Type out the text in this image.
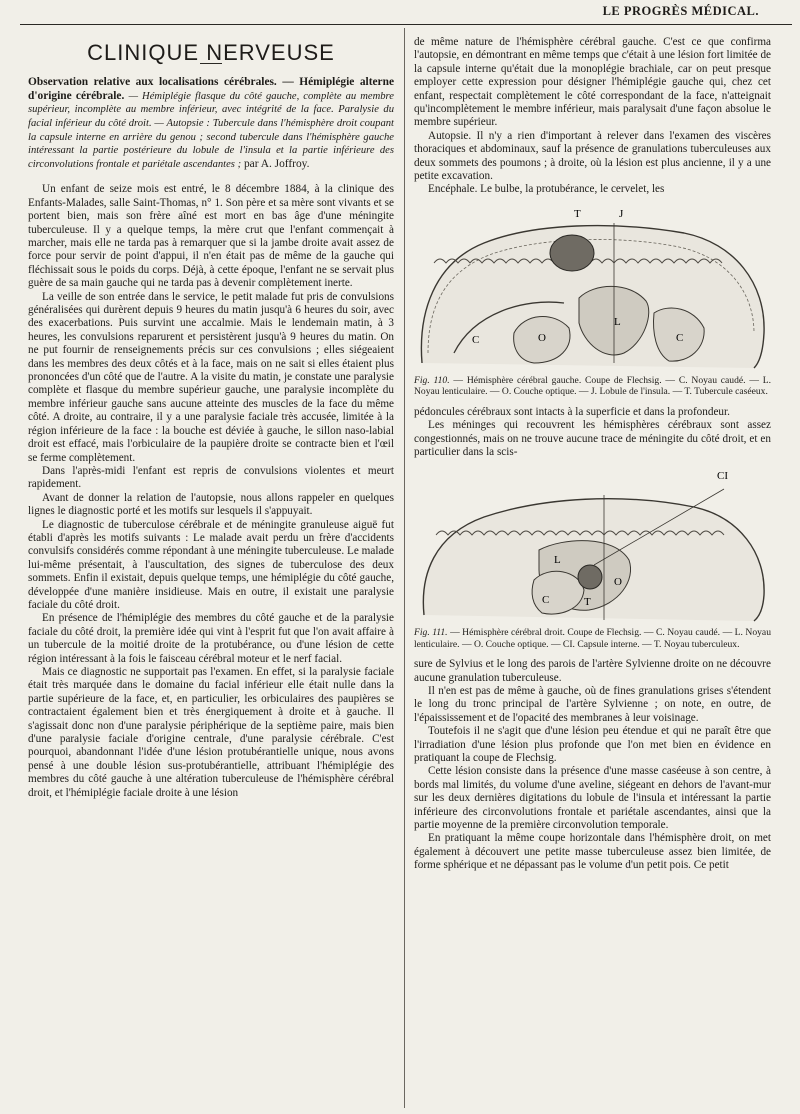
LE PROGRÈS MÉDICAL.
CLINIQUE NERVEUSE

Observation relative aux localisations cérébrales. — Hémiplégie alterne d'origine cérébrale. — Hémiplégie flasque du côté gauche, complète au membre supérieur, incomplète au membre inférieur, avec intégrité de la face. Paralysie du facial inférieur du côté droit. — Autopsie : Tubercule dans l'hémisphère droit coupant la capsule interne en arrière du genou ; second tubercule dans l'hémisphère gauche intéressant la partie postérieure du lobule de l'insula et la partie inférieure des circonvolutions frontale et pariétale ascendantes ; par A. Joffroy.

Un enfant de seize mois est entré, le 8 décembre 1884, à la clinique des Enfants-Malades, salle Saint-Thomas, n° 1. Son père et sa mère sont vivants et se portent bien, mais son frère aîné est mort en bas âge d'une méningite tuberculeuse. Il y a quelque temps, la mère crut que l'enfant commençait à marcher, mais elle ne tarda pas à remarquer que si la jambe droite avait assez de force pour servir de point d'appui, il n'en était pas de même de la gauche qui fléchissait sous le poids du corps. Déjà, à cette époque, l'enfant ne se servait plus guère de sa main gauche qui ne tarda pas à devenir complètement inerte.

La veille de son entrée dans le service, le petit malade fut pris de convulsions généralisées qui durèrent depuis 9 heures du matin jusqu'à 6 heures du soir, avec des exacerbations. Puis survint une accalmie. Mais le lendemain matin, à 3 heures, les convulsions reparurent et persistèrent jusqu'à 9 heures du matin. On ne put fournir de renseignements précis sur ces convulsions ; elles siégeaient dans les membres des deux côtés et à la face, mais on ne sait si elles étaient plus prononcées d'un côté que de l'autre. A la visite du matin, je constate une paralysie complète et flasque du membre supérieur gauche, une paralysie incomplète du membre inférieur gauche sans aucune atteinte des muscles de la face du même côté. A droite, au contraire, il y a une paralysie faciale très accusée, limitée à la région inférieure de la face : la bouche est déviée à gauche, le sillon naso-labial droit est effacé, mais l'orbiculaire de la paupière droite se contracte bien et l'œil se ferme complètement.

Dans l'après-midi l'enfant est repris de convulsions violentes et meurt rapidement.

Avant de donner la relation de l'autopsie, nous allons rappeler en quelques lignes le diagnostic porté et les motifs sur lesquels il s'appuyait.

Le diagnostic de tuberculose cérébrale et de méningite granuleuse aiguë fut établi d'après les motifs suivants : Le malade avait perdu un frère d'accidents convulsifs considérés comme répondant à une méningite tuberculeuse. Le malade lui-même présentait, à l'auscultation, des signes de tuberculose des deux sommets. Enfin il existait, depuis quelque temps, une hémiplégie du côté gauche, développée d'une manière insidieuse. Mais en outre, il existait une paralysie faciale du côté droit.

En présence de l'hémiplégie des membres du côté gauche et de la paralysie faciale du côté droit, la première idée qui vint à l'esprit fut que l'on avait affaire à un tubercule de la moitié droite de la protubérance, ou d'une lésion de cette région intéressant à la fois le faisceau cérébral moteur et le nerf facial.

Mais ce diagnostic ne supportait pas l'examen. En effet, si la paralysie faciale était très marquée dans le domaine du facial inférieur elle était nulle dans la partie supérieure de la face, et, en particulier, les orbiculaires des paupières se contractaient également bien et très énergiquement à droite et à gauche. Il s'agissait donc non d'une paralysie périphérique de la septième paire, mais bien d'une paralysie faciale d'origine centrale, d'une paralysie cérébrale. C'est pourquoi, abandonnant l'idée d'une lésion protubérantielle unique, nous avons pensé à une double lésion sus-protubérantielle, attribuant l'hémiplégie des membres du côté gauche à une altération tuberculeuse de l'hémisphère cérébral droit, et l'hémiplégie faciale droite à une lésion

de même nature de l'hémisphère cérébral gauche. C'est ce que confirma l'autopsie, en démontrant en même temps que c'était à une lésion fort limitée de la capsule interne qu'était due la monoplégie brachiale, car on peut presque employer cette expression pour désigner l'hémiplégie gauche qui, chez cet enfant, respectait complètement le côté correspondant de la face, n'atteignait qu'incomplètement le membre inférieur, mais paralysait d'une façon absolue le membre supérieur.

Autopsie. Il n'y a rien d'important à relever dans l'examen des viscères thoraciques et abdominaux, sauf la présence de granulations tuberculeuses aux deux sommets des poumons ; à droite, où la lésion est plus ancienne, il y a une petite excavation.

Encéphale. Le bulbe, la protubérance, le cervelet, les

T	J
L
O
C	C

Fig. 110. — Hémisphère cérébral gauche. Coupe de Flechsig. — C. Noyau caudé. — L. Noyau lenticulaire. — O. Couche optique. — J. Lobule de l'insula. — T. Tubercule caséeux.

pédoncules cérébraux sont intacts à la superficie et dans la profondeur.

Les méninges qui recouvrent les hémisphères cérébraux sont assez congestionnés, mais on ne trouve aucune trace de méningite du côté droit, et en particulier dans la scis-

CI
L
O
C	T

Fig. 111. — Hémisphère cérébral droit. Coupe de Flechsig. — C. Noyau caudé. — L. Noyau lenticulaire. — O. Couche optique. — CI. Capsule interne. — T. Noyau tuberculeux.

sure de Sylvius et le long des parois de l'artère Sylvienne droite on ne découvre aucune granulation tuberculeuse.

Il n'en est pas de même à gauche, où de fines granulations grises s'étendent le long du tronc principal de l'artère Sylvienne ; on note, en outre, de l'épaississement et de l'opacité des membranes à leur voisinage.

Toutefois il ne s'agit que d'une lésion peu étendue et qui ne paraît être que l'irradiation d'une lésion plus profonde que l'on met bien en évidence en pratiquant la coupe de Flechsig.

Cette lésion consiste dans la présence d'une masse caséeuse à son centre, à bords mal limités, du volume d'une aveline, siégeant en dehors de l'avant-mur sur les deux dernières digitations du lobule de l'insula et intéressant la partie inférieure des circonvolutions frontale et pariétale ascendantes, ainsi que la partie moyenne de la première circonvolution temporale.

En pratiquant la même coupe horizontale dans l'hémisphère droit, on met également à découvert une petite masse tuberculeuse assez bien limitée, de forme sphérique et ne dépassant pas le volume d'un petit pois. Ce petit
